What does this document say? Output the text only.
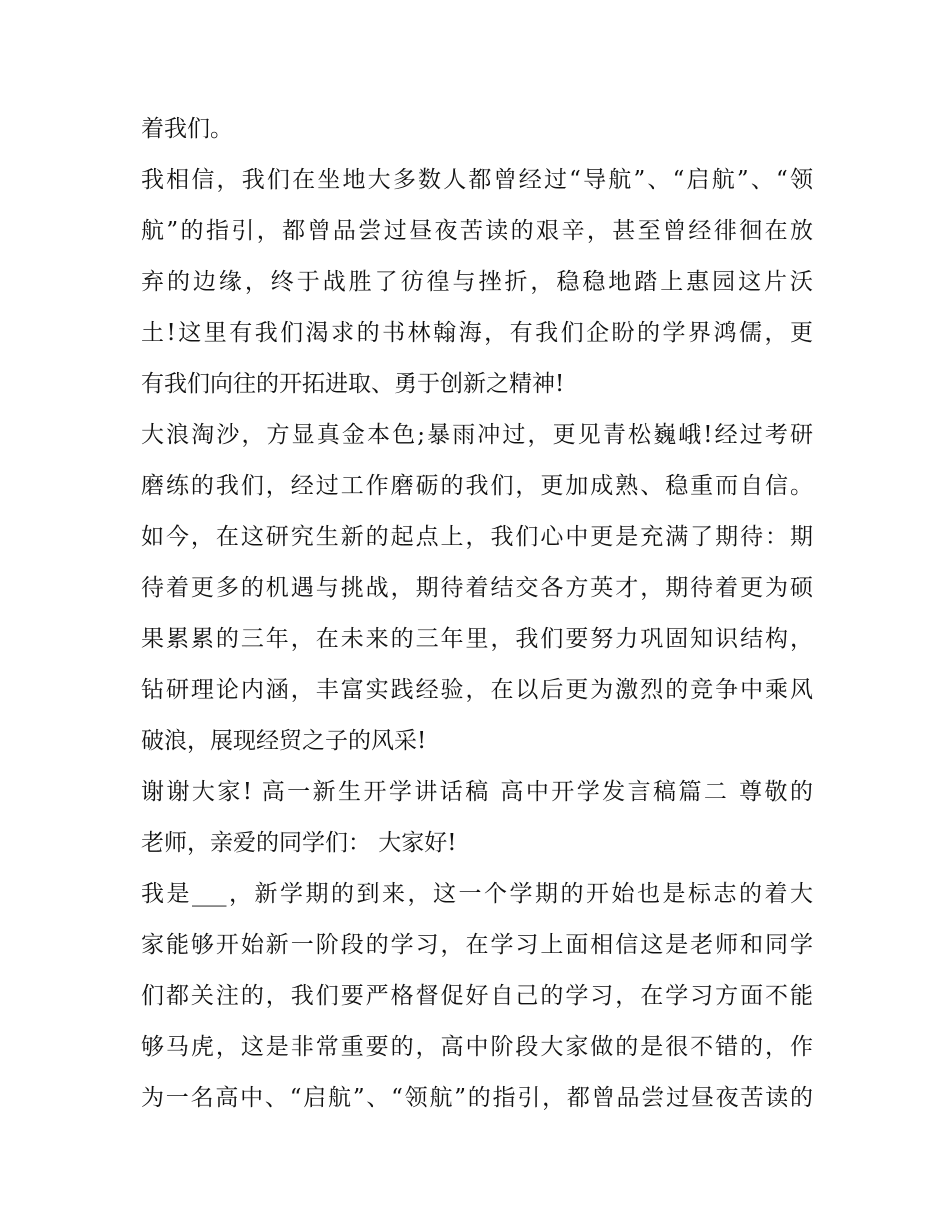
着我们。
我相信，我们在坐地大多数人都曾经过“导航”、“启航”、“领
航”的指引，都曾品尝过昼夜苦读的艰辛，甚至曾经徘徊在放
弃的边缘，终于战胜了彷徨与挫折，稳稳地踏上惠园这片沃
土!这里有我们渴求的书林翰海，有我们企盼的学界鸿儒，更
有我们向往的开拓进取、勇于创新之精神!
大浪淘沙，方显真金本色;暴雨冲过，更见青松巍峨!经过考研
磨练的我们，经过工作磨砺的我们，更加成熟、稳重而自信。
如今，在这研究生新的起点上，我们心中更是充满了期待：期
待着更多的机遇与挑战，期待着结交各方英才，期待着更为硕
果累累的三年，在未来的三年里，我们要努力巩固知识结构，
钻研理论内涵，丰富实践经验，在以后更为激烈的竞争中乘风
破浪，展现经贸之子的风采!
谢谢大家! 高一新生开学讲话稿 高中开学发言稿篇二 尊敬的
老师，亲爱的同学们： 大家好!
我是___，新学期的到来，这一个学期的开始也是标志的着大
家能够开始新一阶段的学习，在学习上面相信这是老师和同学
们都关注的，我们要严格督促好自己的学习，在学习方面不能
够马虎，这是非常重要的，高中阶段大家做的是很不错的，作
为一名高中、“启航”、“领航”的指引，都曾品尝过昼夜苦读的
